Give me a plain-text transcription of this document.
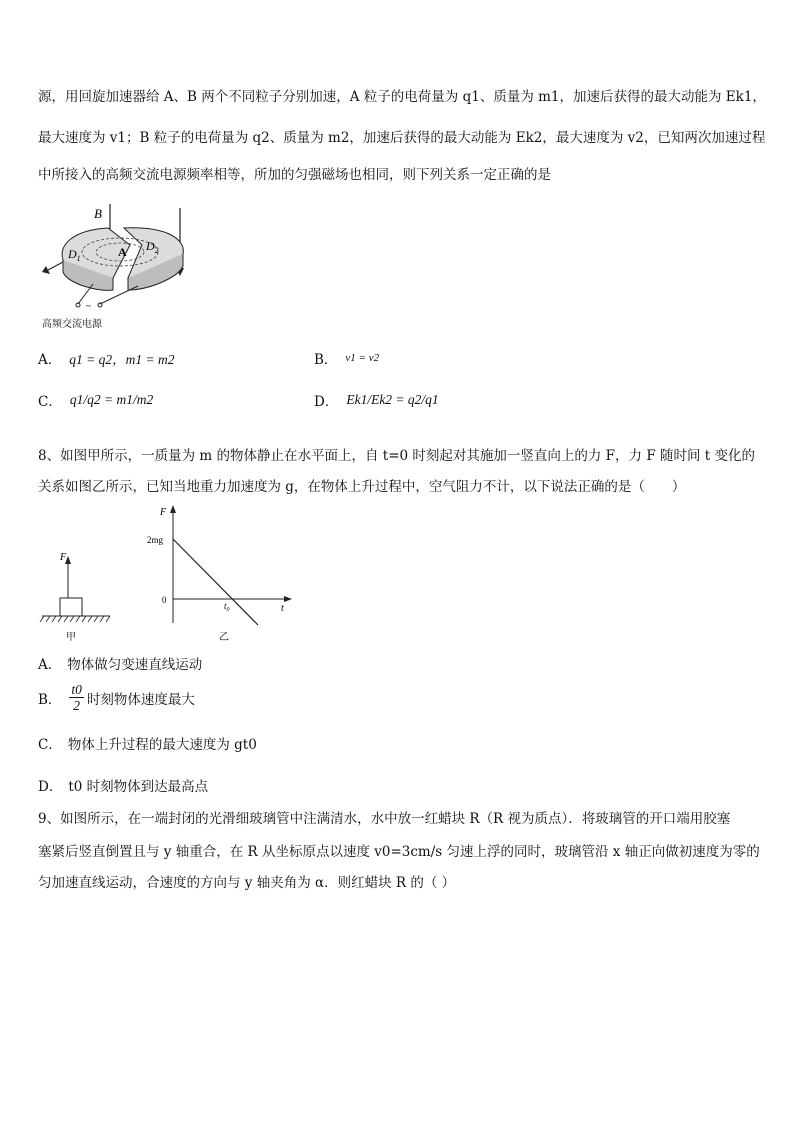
源，用回旋加速器给 A、B 两个不同粒子分别加速，A 粒子的电荷量为 q1、质量为 m1，加速后获得的最大动能为 Ek1，
最大速度为 v1；B 粒子的电荷量为 q2、质量为 m2，加速后获得的最大动能为 Ek2，最大速度为 v2，已知两次加速过程
中所接入的高频交流电源频率相等，所加的匀强磁场也相同，则下列关系一定正确的是
B
$D_1$
$D_2$
A
~
高频交流电源
A． q1 = q2，m1 = m2	B． v1 = v2
C． q1/q2 = m1/m2	D． Ek1/Ek2 = q2/q1
8、如图甲所示，一质量为 m 的物体静止在水平面上，自 t=0 时刻起对其施加一竖直向上的力 F，力 F 随时间 t 变化的
关系如图乙所示，已知当地重力加速度为 g，在物体上升过程中，空气阻力不计，以下说法正确的是（　　）
F
甲
F
2mg
0
t
$t_0$
乙
A． 物体做匀变速直线运动
B． $\frac{t0}{2}$ 时刻物体速度最大
C． 物体上升过程的最大速度为 gt0
D． t0 时刻物体到达最高点
9、如图所示，在一端封闭的光滑细玻璃管中注满清水，水中放一红蜡块 R（R 视为质点）．将玻璃管的开口端用胶塞
塞紧后竖直倒置且与 y 轴重合，在 R 从坐标原点以速度 v0=3cm/s 匀速上浮的同时，玻璃管沿 x 轴正向做初速度为零的
匀加速直线运动，合速度的方向与 y 轴夹角为 α．则红蜡块 R 的（ ）
